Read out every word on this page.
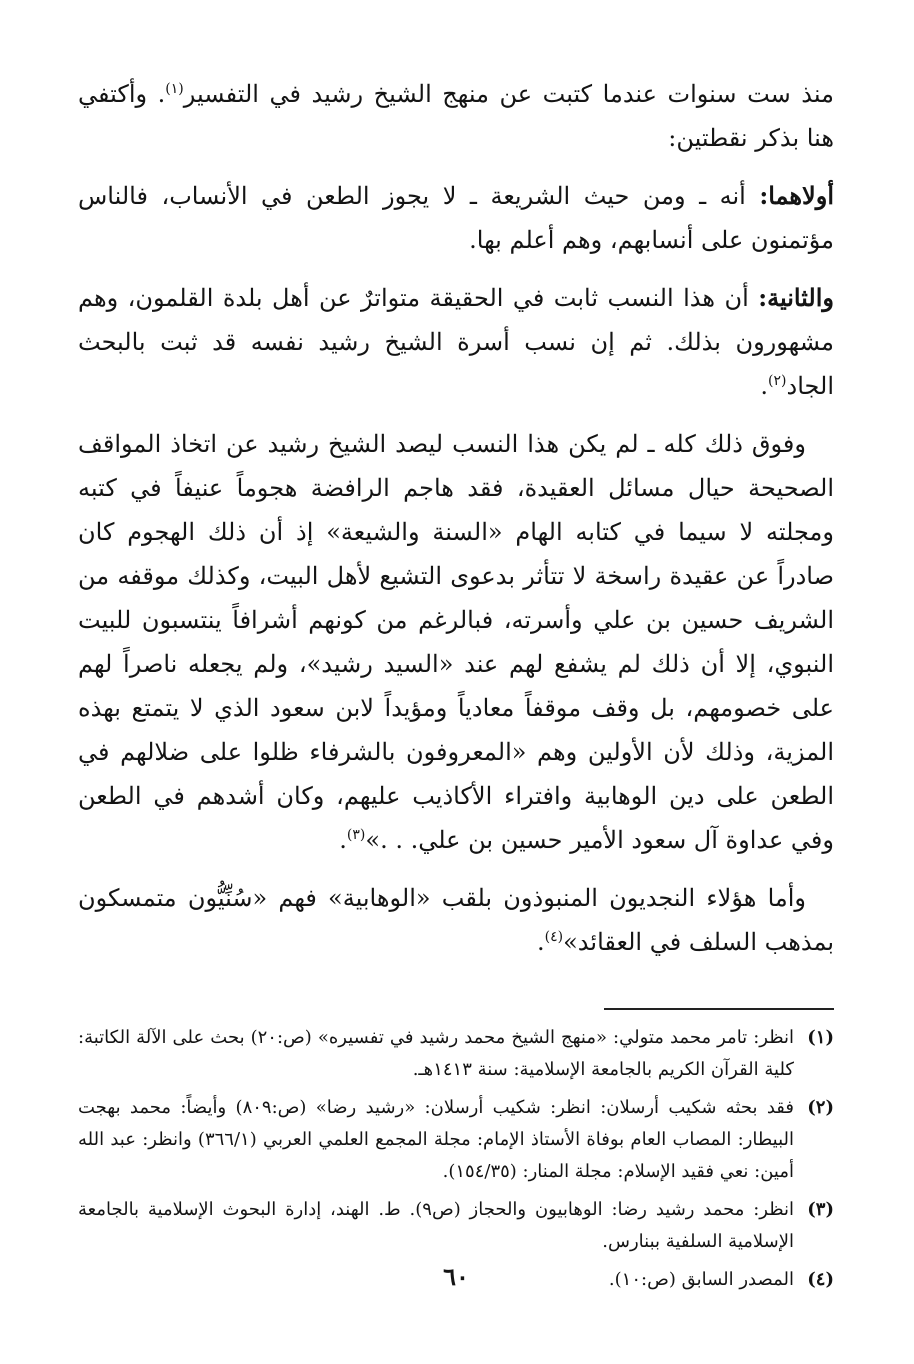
منذ ست سنوات عندما كتبت عن منهج الشيخ رشيد في التفسير$^{(١)}$. وأكتفي هنا بذكر نقطتين:

أولاهما: أنه ـ ومن حيث الشريعة ـ لا يجوز الطعن في الأنساب، فالناس مؤتمنون على أنسابهم، وهم أعلم بها.

والثانية: أن هذا النسب ثابت في الحقيقة متواترٌ عن أهل بلدة القلمون، وهم مشهورون بذلك. ثم إن نسب أسرة الشيخ رشيد نفسه قد ثبت بالبحث الجاد$^{(٢)}$.

وفوق ذلك كله ـ لم يكن هذا النسب ليصد الشيخ رشيد عن اتخاذ المواقف الصحيحة حيال مسائل العقيدة، فقد هاجم الرافضة هجوماً عنيفاً في كتبه ومجلته لا سيما في كتابه الهام «السنة والشيعة» إذ أن ذلك الهجوم كان صادراً عن عقيدة راسخة لا تتأثر بدعوى التشيع لأهل البيت، وكذلك موقفه من الشريف حسين بن علي وأسرته، فبالرغم من كونهم أشرافاً ينتسبون للبيت النبوي، إلا أن ذلك لم يشفع لهم عند «السيد رشيد»، ولم يجعله ناصراً لهم على خصومهم، بل وقف موقفاً معادياً ومؤيداً لابن سعود الذي لا يتمتع بهذه المزية، وذلك لأن الأولين وهم «المعروفون بالشرفاء ظلوا على ضلالهم في الطعن على دين الوهابية وافتراء الأكاذيب عليهم، وكان أشدهم في الطعن وفي عداوة آل سعود الأمير حسين بن علي. . .»$^{(٣)}$.

وأما هؤلاء النجديون المنبوذون بلقب «الوهابية» فهم «سُنِّيُّون متمسكون بمذهب السلف في العقائد»$^{(٤)}$.

(١)
انظر: تامر محمد متولي: «منهج الشيخ محمد رشيد في تفسيره» (ص:٢٠) بحث على الآلة الكاتبة: كلية القرآن الكريم بالجامعة الإسلامية: سنة ١٤١٣هـ.
(٢)
فقد بحثه شكيب أرسلان: انظر: شكيب أرسلان: «رشيد رضا» (ص:٨٠٩) وأيضاً: محمد بهجت البيطار: المصاب العام بوفاة الأستاذ الإمام: مجلة المجمع العلمي العربي (٣٦٦/١) وانظر: عبد الله أمين: نعي فقيد الإسلام: مجلة المنار: (١٥٤/٣٥).
(٣)
انظر: محمد رشيد رضا: الوهابيون والحجاز (ص٩). ط. الهند، إدارة البحوث الإسلامية بالجامعة الإسلامية السلفية ببنارس.
(٤)
المصدر السابق (ص:١٠).
٦٠
